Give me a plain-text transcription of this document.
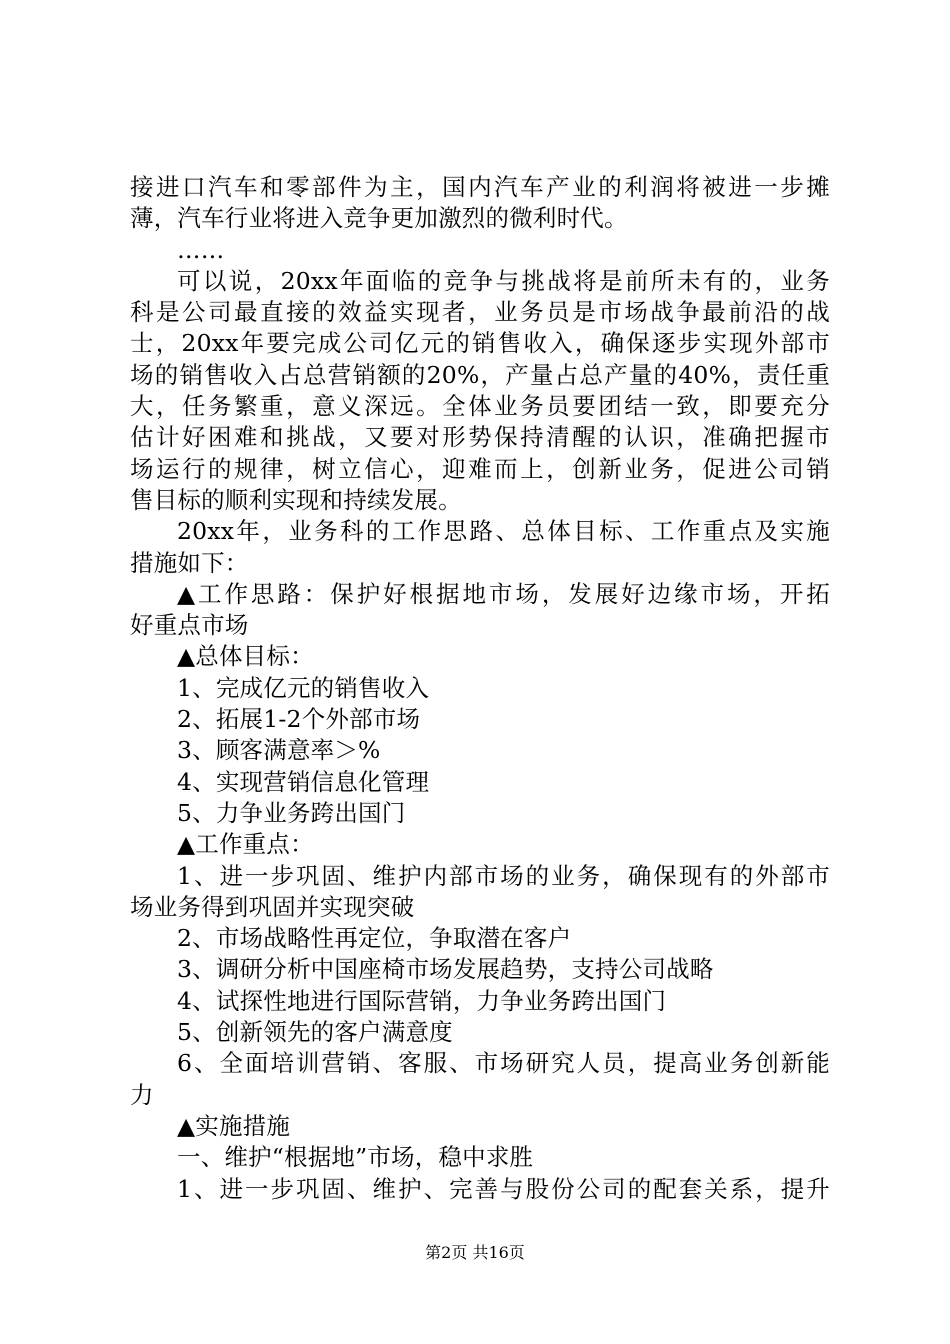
接进口汽车和零部件为主，国内汽车产业的利润将被进一步摊
薄，汽车行业将进入竞争更加激烈的微利时代。
……
可以说，20xx年面临的竞争与挑战将是前所未有的，业务
科是公司最直接的效益实现者，业务员是市场战争最前沿的战
士，20xx年要完成公司亿元的销售收入，确保逐步实现外部市
场的销售收入占总营销额的20%，产量占总产量的40%，责任重
大，任务繁重，意义深远。全体业务员要团结一致，即要充分
估计好困难和挑战，又要对形势保持清醒的认识，准确把握市
场运行的规律，树立信心，迎难而上，创新业务，促进公司销
售目标的顺利实现和持续发展。
20xx年，业务科的工作思路、总体目标、工作重点及实施
措施如下：
▲工作思路：保护好根据地市场，发展好边缘市场，开拓
好重点市场
▲总体目标：
1、完成亿元的销售收入
2、拓展1-2个外部市场
3、顾客满意率＞%
4、实现营销信息化管理
5、力争业务跨出国门
▲工作重点：
1、进一步巩固、维护内部市场的业务，确保现有的外部市
场业务得到巩固并实现突破
2、市场战略性再定位，争取潜在客户
3、调研分析中国座椅市场发展趋势，支持公司战略
4、试探性地进行国际营销，力争业务跨出国门
5、创新领先的客户满意度
6、全面培训营销、客服、市场研究人员，提高业务创新能
力
▲实施措施
一、维护“根据地”市场，稳中求胜
1、进一步巩固、维护、完善与股份公司的配套关系，提升
第2页 共16页
